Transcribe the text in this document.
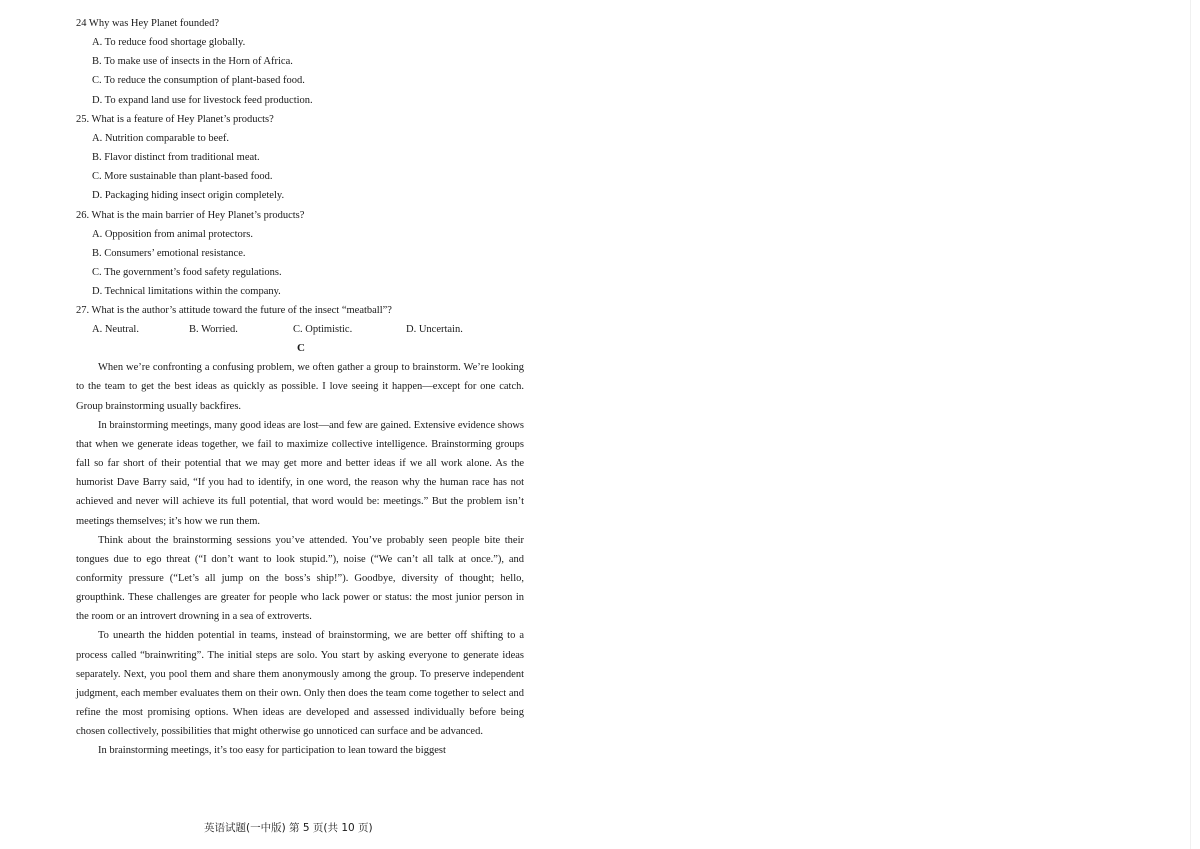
24 Why was Hey Planet founded?
A. To reduce food shortage globally.
B. To make use of insects in the Horn of Africa.
C. To reduce the consumption of plant-based food.
D. To expand land use for livestock feed production.
25. What is a feature of Hey Planet’s products?
A. Nutrition comparable to beef.
B. Flavor distinct from traditional meat.
C. More sustainable than plant-based food.
D. Packaging hiding insect origin completely.
26. What is the main barrier of Hey Planet’s products?
A. Opposition from animal protectors.
B. Consumers’ emotional resistance.
C. The government’s food safety regulations.
D. Technical limitations within the company.
27. What is the author’s attitude toward the future of the insect “meatball”?
A. Neutral.	B. Worried.	C. Optimistic.	D. Uncertain.
C

When we’re confronting a confusing problem, we often gather a group to brainstorm. We’re looking to the team to get the best ideas as quickly as possible. I love seeing it happen—except for one catch. Group brainstorming usually backfires.

In brainstorming meetings, many good ideas are lost—and few are gained. Extensive evidence shows that when we generate ideas together, we fail to maximize collective intelligence. Brainstorming groups fall so far short of their potential that we may get more and better ideas if we all work alone. As the humorist Dave Barry said, “If you had to identify, in one word, the reason why the human race has not achieved and never will achieve its full potential, that word would be: meetings.” But the problem isn’t meetings themselves; it’s how we run them.

Think about the brainstorming sessions you’ve attended. You’ve probably seen people bite their tongues due to ego threat (“I don’t want to look stupid.”), noise (“We can’t all talk at once.”), and conformity pressure (“Let’s all jump on the boss’s ship!”). Goodbye, diversity of thought; hello, groupthink. These challenges are greater for people who lack power or status: the most junior person in the room or an introvert drowning in a sea of extroverts.

To unearth the hidden potential in teams, instead of brainstorming, we are better off shifting to a process called “brainwriting”. The initial steps are solo. You start by asking everyone to generate ideas separately. Next, you pool them and share them anonymously among the group. To preserve independent judgment, each member evaluates them on their own. Only then does the team come together to select and refine the most promising options. When ideas are developed and assessed individually before being chosen collectively, possibilities that might otherwise go unnoticed can surface and be advanced.

In brainstorming meetings, it’s too easy for participation to lean toward the biggest

英语试题(一中版) 第 5 页(共 10 页)
